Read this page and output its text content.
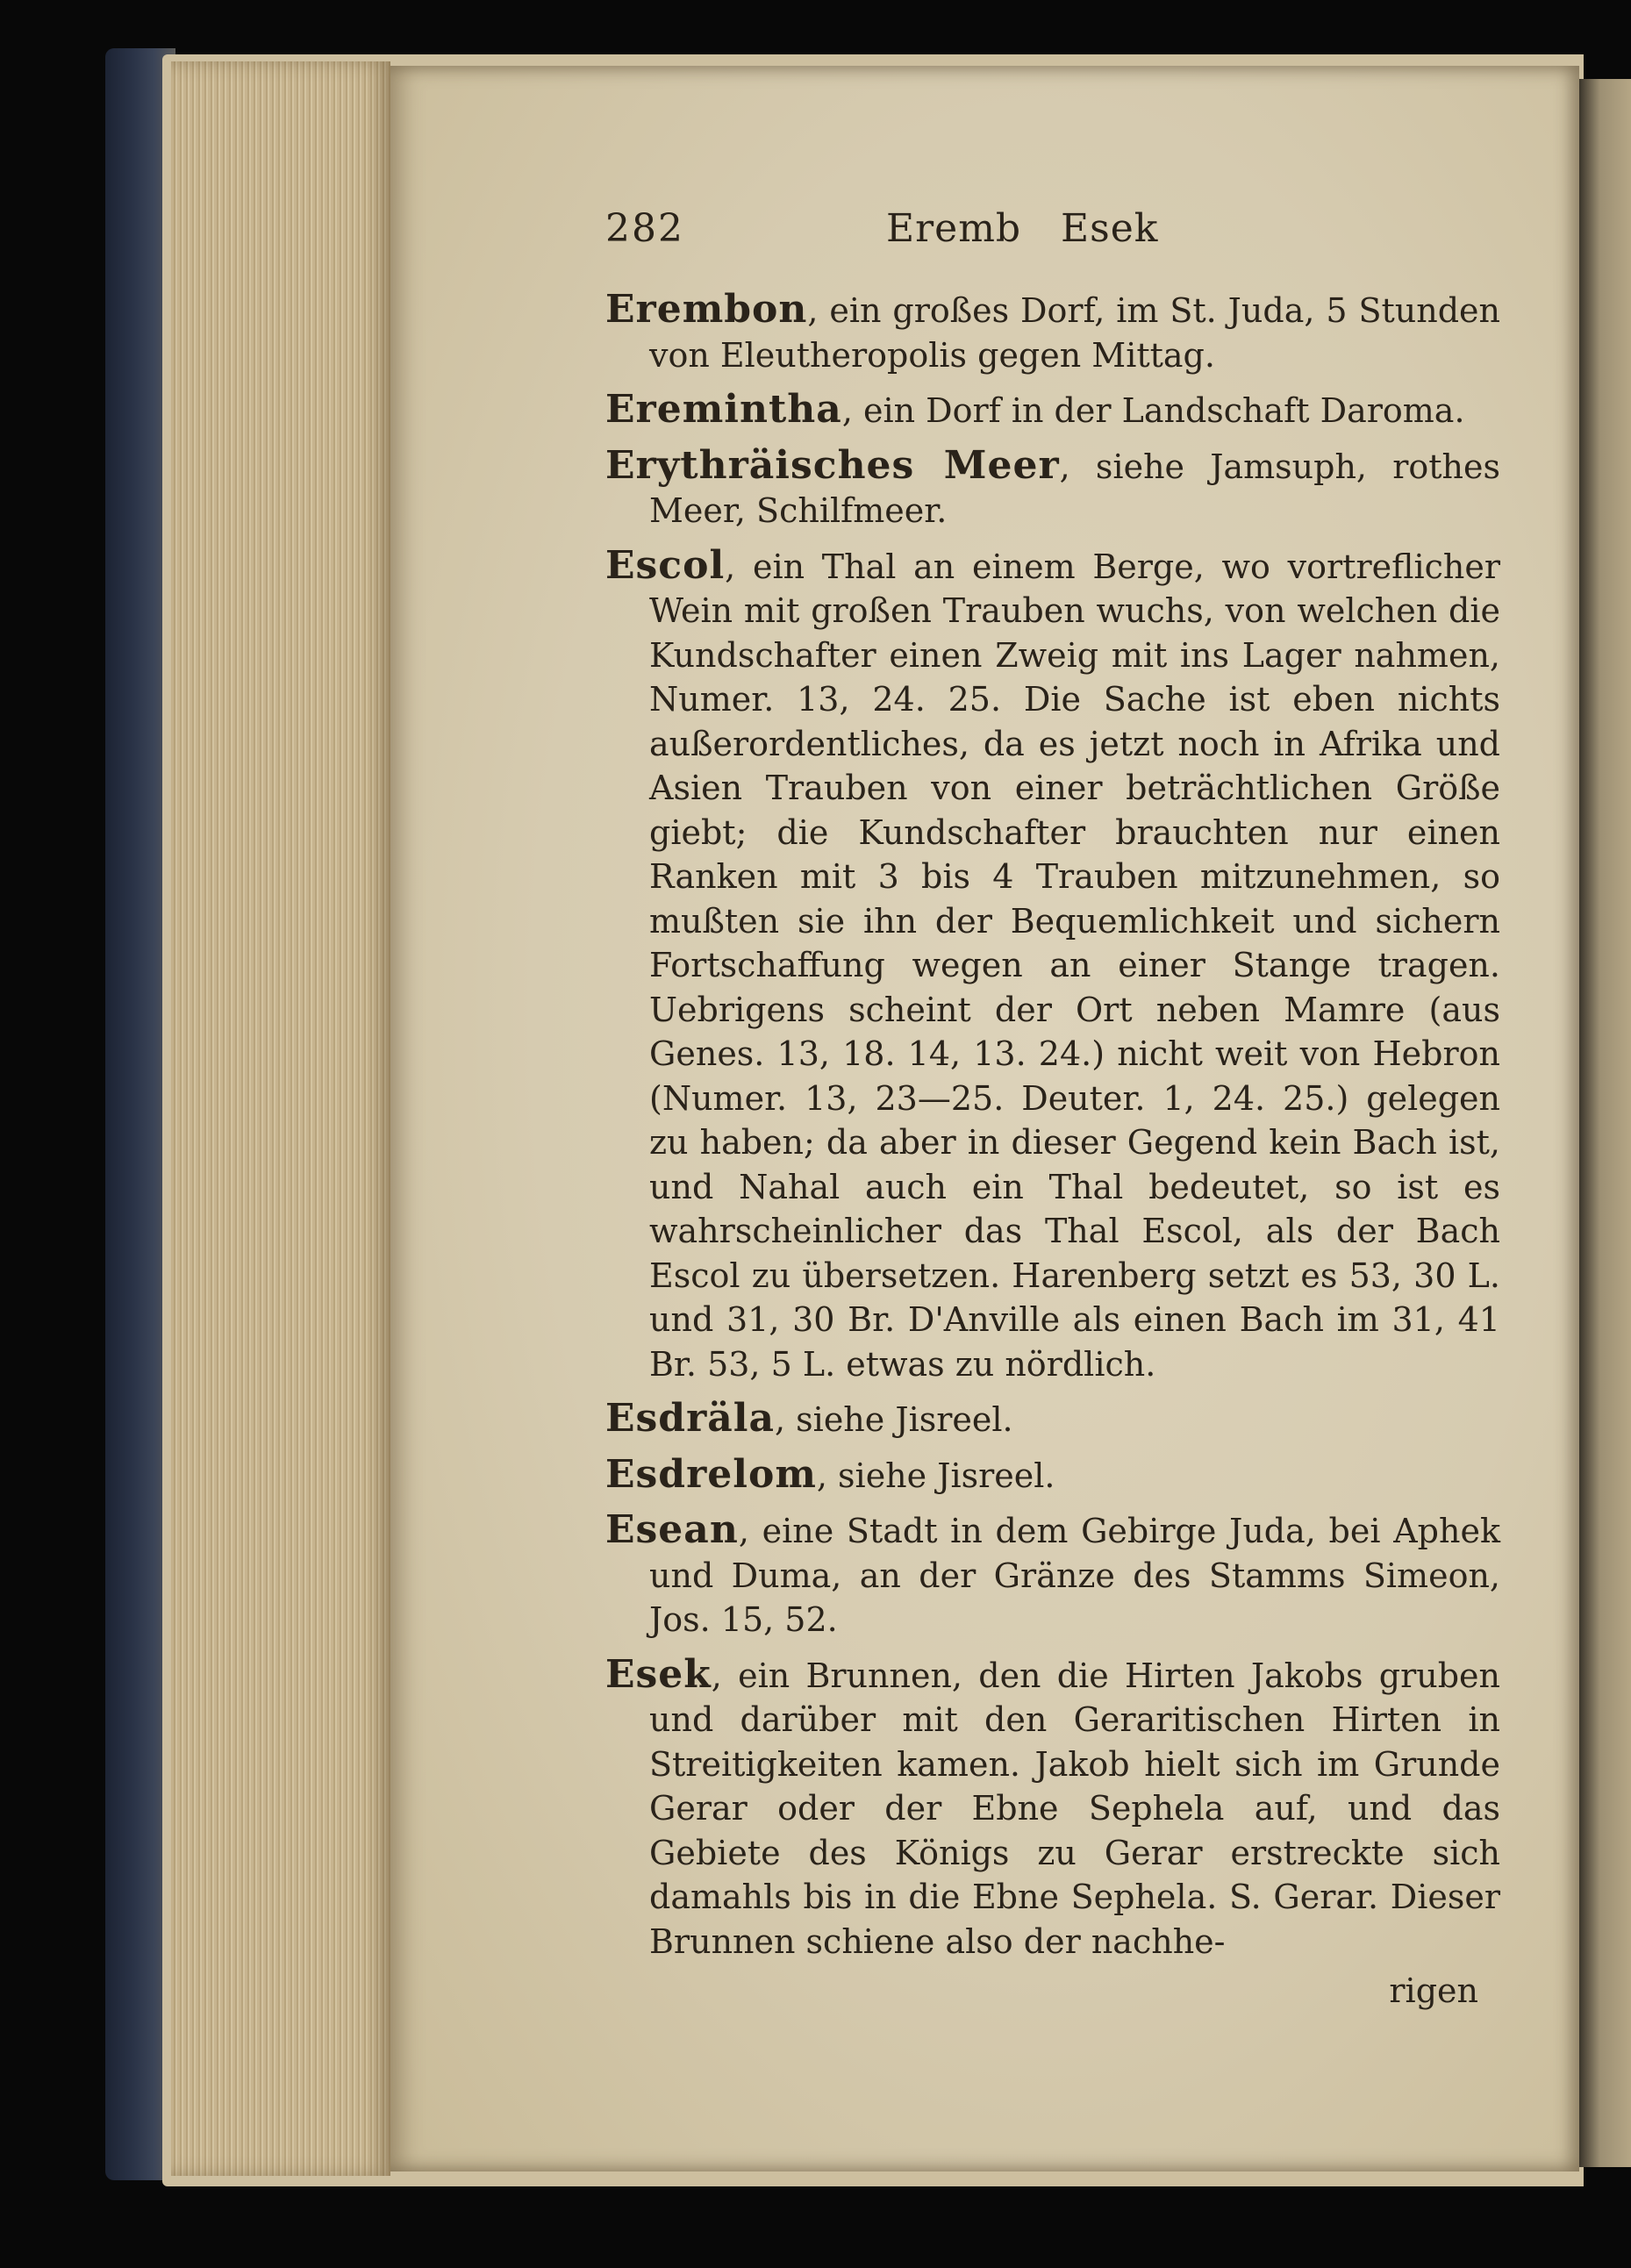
282	Eremb   Esek

Erembon, ein großes Dorf, im St. Juda, 5 Stunden von Eleutheropolis gegen Mittag.

Eremintha, ein Dorf in der Landschaft Daroma.

Erythräisches Meer, siehe Jamsuph, rothes Meer, Schilfmeer.

Escol, ein Thal an einem Berge, wo vortreflicher Wein mit großen Trauben wuchs, von welchen die Kundschafter einen Zweig mit ins Lager nahmen, Numer. 13, 24. 25. Die Sache ist eben nichts außerordentliches, da es jetzt noch in Afrika und Asien Trauben von einer beträchtlichen Größe giebt; die Kundschafter brauchten nur einen Ranken mit 3 bis 4 Trauben mitzunehmen, so mußten sie ihn der Bequemlichkeit und sichern Fortschaffung wegen an einer Stange tragen. Uebrigens scheint der Ort neben Mamre (aus Genes. 13, 18. 14, 13. 24.) nicht weit von Hebron (Numer. 13, 23—25. Deuter. 1, 24. 25.) gelegen zu haben; da aber in dieser Gegend kein Bach ist, und Nahal auch ein Thal bedeutet, so ist es wahrscheinlicher das Thal Escol, als der Bach Escol zu übersetzen. Harenberg setzt es 53, 30 L. und 31, 30 Br. D'Anville als einen Bach im 31, 41 Br. 53, 5 L. etwas zu nördlich.

Esdräla, siehe Jisreel.

Esdrelom, siehe Jisreel.

Esean, eine Stadt in dem Gebirge Juda, bei Aphek und Duma, an der Gränze des Stamms Simeon, Jos. 15, 52.

Esek, ein Brunnen, den die Hirten Jakobs gruben und darüber mit den Geraritischen Hirten in Streitigkeiten kamen. Jakob hielt sich im Grunde Gerar oder der Ebne Sephela auf, und das Gebiete des Königs zu Gerar erstreckte sich damahls bis in die Ebne Sephela. S. Gerar. Dieser Brunnen schiene also der nachhe-

rigen
